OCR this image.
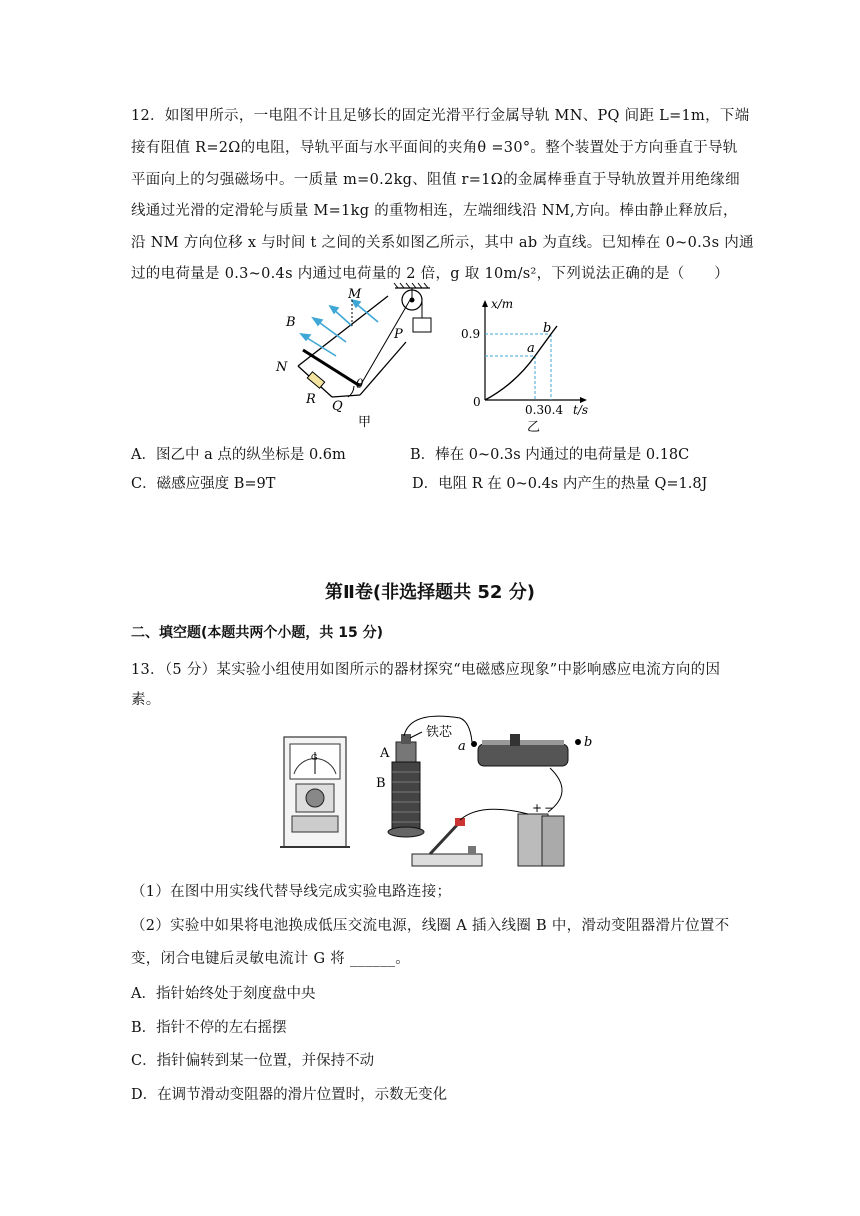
12．如图甲所示，一电阻不计且足够长的固定光滑平行金属导轨 MN、PQ 间距 L=1m，下端
接有阻值 R=2Ω的电阻，导轨平面与水平面间的夹角θ =30°。整个装置处于方向垂直于导轨
平面向上的匀强磁场中。一质量 m=0.2kg、阻值 r=1Ω的金属棒垂直于导轨放置并用绝缘细
线通过光滑的定滑轮与质量 M=1kg 的重物相连，左端细线沿 NM,方向。棒由静止释放后，
沿 NM 方向位移 x 与时间 t 之间的关系如图乙所示，其中 ab 为直线。已知棒在 0~0.3s 内通
过的电荷量是 0.3~0.4s 内通过电荷量的 2 倍，g 取 10m/s²，下列说法正确的是（　　）
M
B
N
P
R Q
θ
甲
x/m
t/s
0
0.9
0.3 0.4
a
b
乙
A．图乙中 a 点的纵坐标是 0.6m	B．棒在 0~0.3s 内通过的电荷量是 0.18C
C．磁感应强度 B=9T	D．电阻 R 在 0~0.4s 内产生的热量 Q=1.8J
第Ⅱ卷(非选择题共 52 分)
二、填空题(本题共两个小题，共 15 分)
13．（5 分）某实验小组使用如图所示的器材探究“电磁感应现象”中影响感应电流方向的因
素。
G	A
B
铁芯
a	b
+ −
（1）在图中用实线代替导线完成实验电路连接；
（2）实验中如果将电池换成低压交流电源，线圈 A 插入线圈 B 中，滑动变阻器滑片位置不
变，闭合电键后灵敏电流计 G 将 ______。
A．指针始终处于刻度盘中央
B．指针不停的左右摇摆
C．指针偏转到某一位置，并保持不动
D．在调节滑动变阻器的滑片位置时，示数无变化
